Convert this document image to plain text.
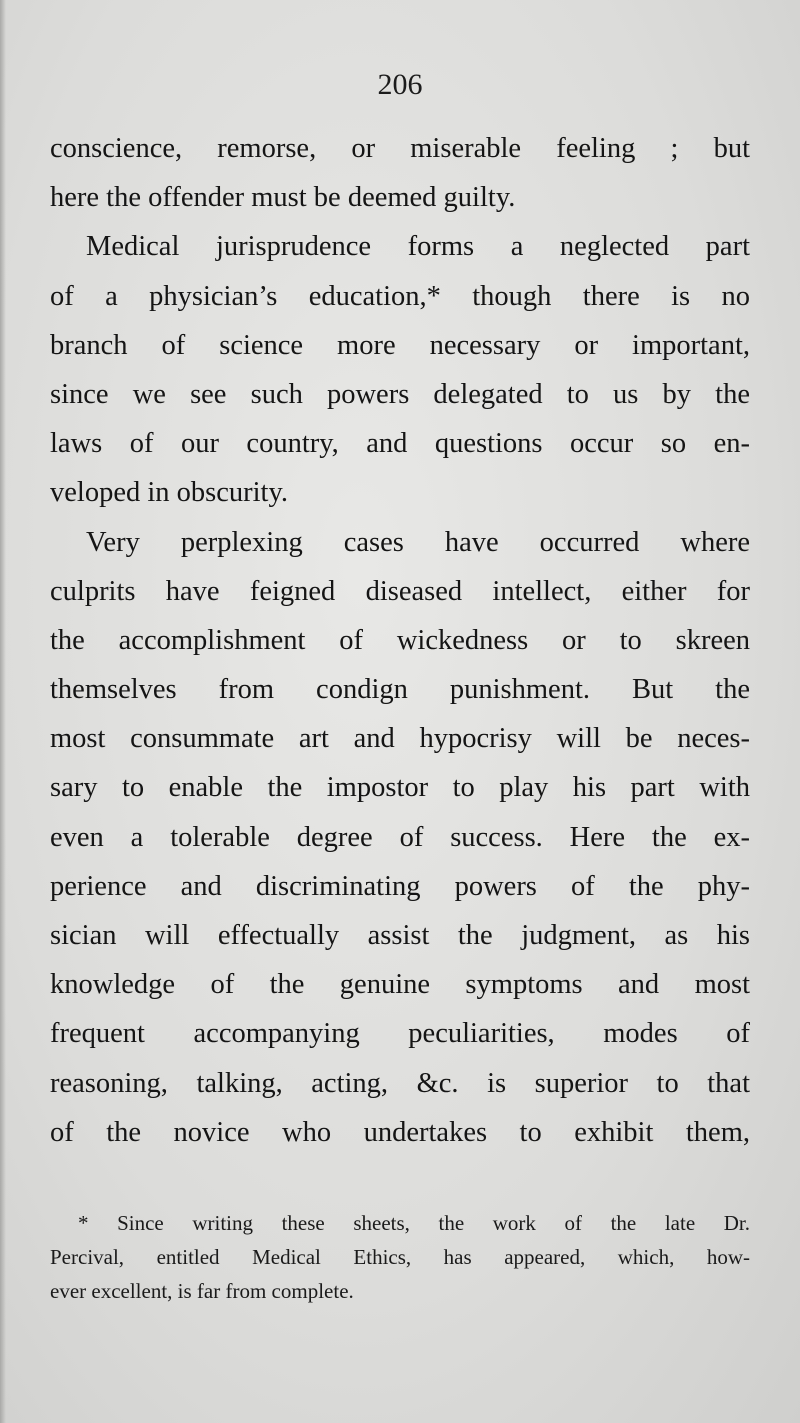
206
conscience, remorse, or miserable feeling ; but
here the offender must be deemed guilty.
Medical jurisprudence forms a neglected part
of a physician’s education,* though there is no
branch of science more necessary or important,
since we see such powers delegated to us by the
laws of our country, and questions occur so en-
veloped in obscurity.
Very perplexing cases have occurred where
culprits have feigned diseased intellect, either for
the accomplishment of wickedness or to skreen
themselves from condign punishment. But the
most consummate art and hypocrisy will be neces-
sary to enable the impostor to play his part with
even a tolerable degree of success. Here the ex-
perience and discriminating powers of the phy-
sician will effectually assist the judgment, as his
knowledge of the genuine symptoms and most
frequent accompanying peculiarities, modes of
reasoning, talking, acting, &c. is superior to that
of the novice who undertakes to exhibit them,
* Since writing these sheets, the work of the late Dr.
Percival, entitled Medical Ethics, has appeared, which, how-
ever excellent, is far from complete.
